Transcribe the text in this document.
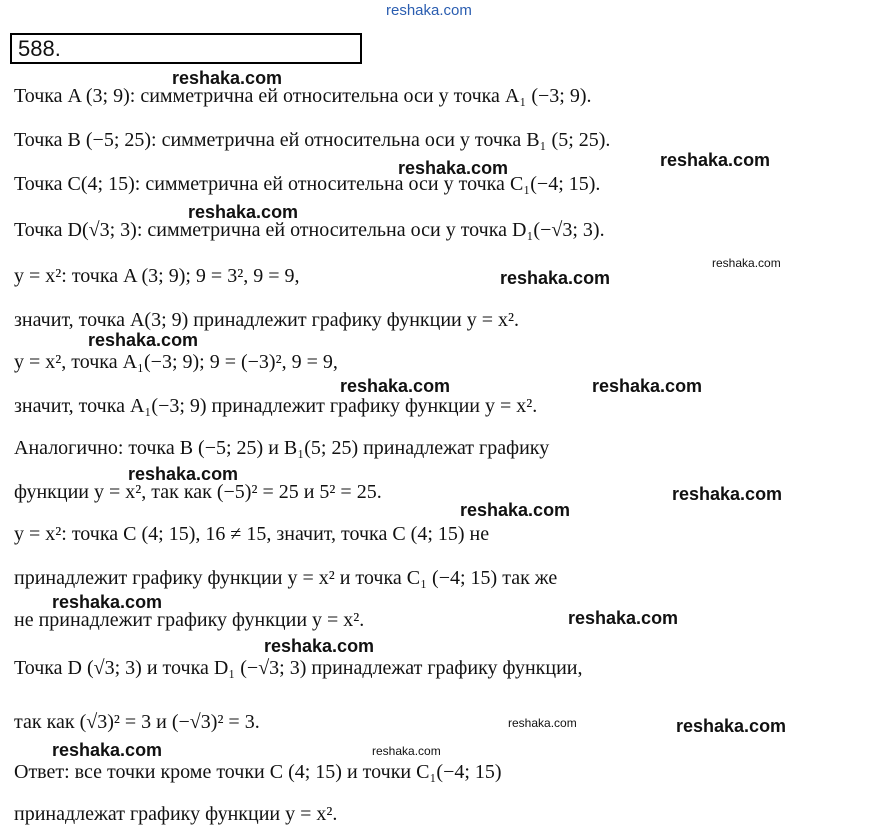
reshaka.com
588.
Точка A (3; 9): симметрична ей относительна оси y точка A₁ (−3; 9).
Точка B (−5; 25): симметрична ей относительна оси y точка B₁ (5; 25).
Точка C(4; 15): симметрична ей относительна оси y точка C₁(−4; 15).
Точка D(√3; 3): симметрична ей относительна оси y точка D₁(−√3; 3).
y = x²: точка A (3; 9); 9 = 3², 9 = 9,
значит, точка A(3; 9) принадлежит графику функции y = x².
y = x², точка A₁(−3; 9); 9 = (−3)², 9 = 9,
значит, точка A₁(−3; 9) принадлежит графику функции y = x².
Аналогично: точка B (−5; 25) и B₁(5; 25) принадлежат графику
функции y = x², так как (−5)² = 25 и 5² = 25.
y = x²: точка C (4; 15), 16 ≠ 15, значит, точка C (4; 15) не
принадлежит графику функции y = x² и точка C₁ (−4; 15) так же
не принадлежит графику функции y = x².
Точка D (√3; 3) и точка D₁ (−√3; 3) принадлежат графику функции,
так как (√3)² = 3 и (−√3)² = 3.
Ответ: все точки кроме точки C (4; 15) и точки C₁(−4; 15)
принадлежат графику функции y = x².
reshaka.com
reshaka.com	reshaka.com
reshaka.com
reshaka.com
reshaka.com
reshaka.com
reshaka.com	reshaka.com
reshaka.com
reshaka.com
reshaka.com
reshaka.com
reshaka.com
reshaka.com
reshaka.com	reshaka.com
reshaka.com	reshaka.com
